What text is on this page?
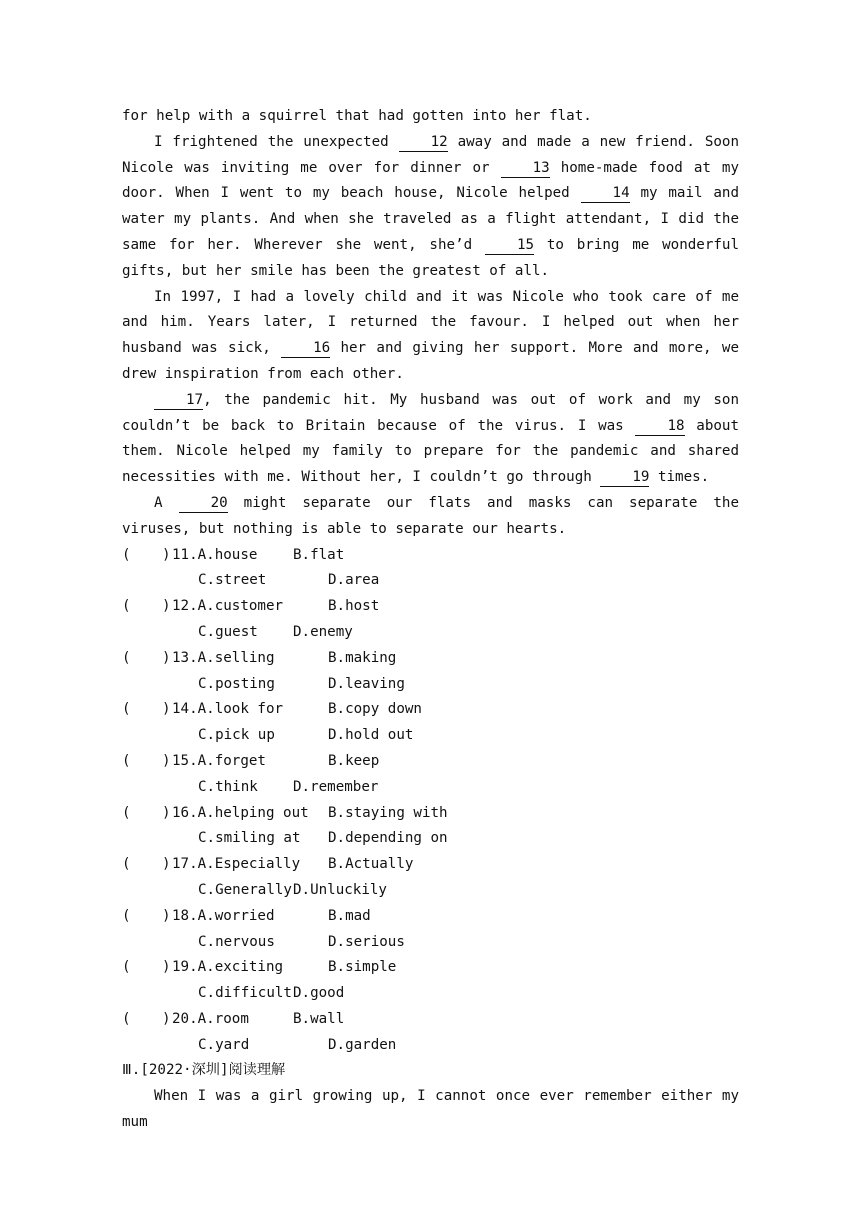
for help with a squirrel that had gotten into her flat.

I frightened the unexpected 12 away and made a new friend. Soon Nicole was inviting me over for dinner or 13 home-made food at my door. When I went to my beach house, Nicole helped 14 my mail and water my plants. And when she traveled as a flight attendant, I did the same for her. Wherever she went, she’d 15 to bring me wonderful gifts, but her smile has been the greatest of all.

In 1997, I had a lovely child and it was Nicole who took care of me and him. Years later, I returned the favour. I helped out when her husband was sick, 16 her and giving her support. More and more, we drew inspiration from each other.

17, the pandemic hit. My husband was out of work and my son couldn’t be back to Britain because of the virus. I was 18 about them. Nicole helped my family to prepare for the pandemic and shared necessities with me. Without her, I couldn’t go through 19 times.

A 20 might separate our flats and masks can separate the viruses, but nothing is able to separate our hearts.

( ) 11.A.house	B.flat
C.street	D.area
( ) 12.A.customer	B.host
C.guest D.enemy
( ) 13.A.selling	B.making
C.posting	D.leaving
( ) 14.A.look for	B.copy down
C.pick up	D.hold out
( ) 15.A.forget	B.keep
C.think D.remember
( ) 16.A.helping out B.staying with
C.smiling at D.depending on
( ) 17.A.Especially B.Actually
C.Generally D.Unluckily
( ) 18.A.worried	B.mad
C.nervous	D.serious
( ) 19.A.exciting	B.simple
C.difficult D.good
( ) 20.A.room	B.wall
C.yard	D.garden

Ⅲ.[2022·深圳]阅读理解

When I was a girl growing up, I cannot once ever remember either my mum
